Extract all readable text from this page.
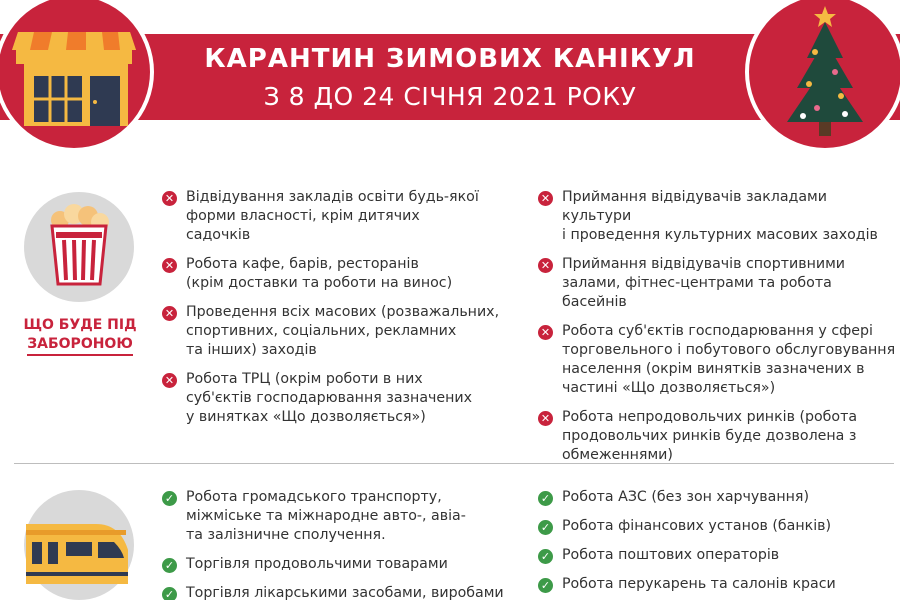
КАРАНТИН ЗИМОВИХ КАНІКУЛ
З 8 ДО 24 СІЧНЯ 2021 РОКУ
ЩО БУДЕ ПІД
ЗАБОРОНОЮ
✕ Відвідування закладів освіти будь-якої
форми власності, крім дитячих
садочків
✕ Робота кафе, барів, ресторанів
(крім доставки та роботи на винос)
✕ Проведення всіх масових (розважальних,
спортивних, соціальних, рекламних
та інших) заходів
✕ Робота ТРЦ (окрім роботи в них
суб'єктів господарювання зазначених
у винятках «Що дозволяється»)
✕ Приймання відвідувачів закладами культури
і проведення культурних масових заходів
✕ Приймання відвідувачів спортивними
залами, фітнес-центрами та робота басейнів
✕ Робота суб'єктів господарювання у сфері
торговельного і побутового обслуговування
населення (окрім винятків зазначених в
частині «Що дозволяється»)
✕ Робота непродовольчих ринків (робота
продовольчих ринків буде дозволена з
обмеженнями)
✓ Робота громадського транспорту,
міжміське та міжнародне авто-, авіа-
та залізничне сполучення.
✓ Торгівля продовольчими товарами
✓ Торгівля лікарськими засобами, виробами
✓ Робота АЗС (без зон харчування)
✓ Робота фінансових установ (банків)
✓ Робота поштових операторів
✓ Робота перукарень та салонів краси
